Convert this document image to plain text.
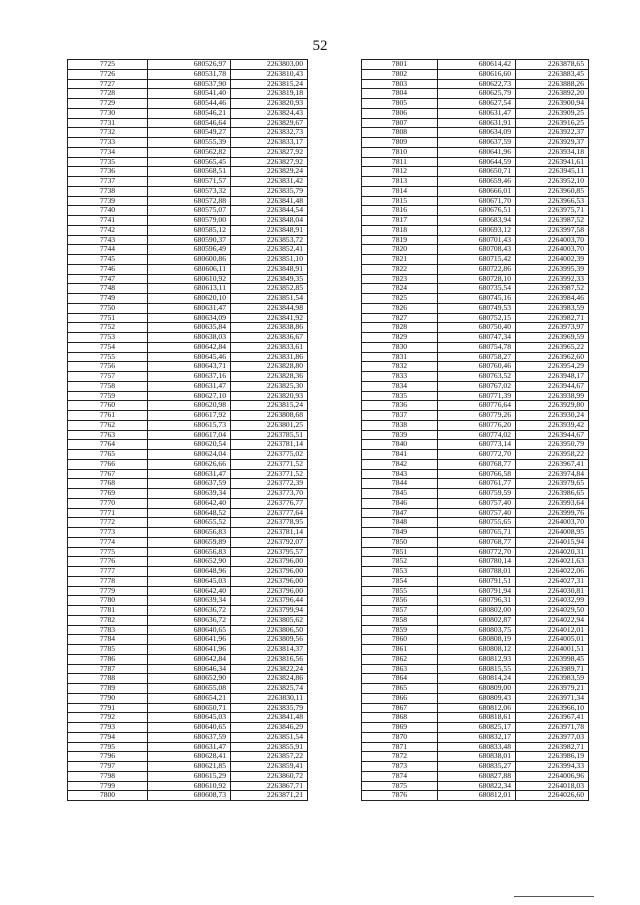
52
7725	680526,97	2263803,00
7726	680531,78	2263810,43
7727	680537,90	2263815,24
7728	680541,40	2263819,18
7729	680544,46	2263820,93
7730	680546,21	2263824,43
7731	680546,64	2263829,67
7732	680549,27	2263832,73
7733	680555,39	2263833,17
7734	680562,82	2263827,92
7735	680565,45	2263827,92
7736	680568,51	2263829,24
7737	680571,57	2263831,42
7738	680573,32	2263835,79
7739	680572,88	2263841,48
7740	680575,07	2263844,54
7741	680579,00	2263848,04
7742	680585,12	2263848,91
7743	680590,37	2263853,72
7744	680596,49	2263852,41
7745	680600,86	2263851,10
7746	680606,11	2263848,91
7747	680610,92	2263849,35
7748	680613,11	2263852,85
7749	680620,10	2263851,54
7750	680631,47	2263844,98
7751	680634,09	2263841,92
7752	680635,84	2263838,86
7753	680638,03	2263836,67
7754	680642,84	2263833,61
7755	680645,46	2263831,86
7756	680643,71	2263828,80
7757	680637,16	2263828,36
7758	680631,47	2263825,30
7759	680627,10	2263820,93
7760	680620,98	2263815,24
7761	680617,92	2263808,68
7762	680615,73	2263801,25
7763	680617,04	2263785,51
7764	680620,54	2263781,14
7765	680624,04	2263775,02
7766	680626,66	2263771,52
7767	680631,47	2263771,52
7768	680637,59	2263772,39
7769	680639,34	2263773,70
7770	680642,40	2263776,77
7771	680648,52	2263777,64
7772	680655,52	2263778,95
7773	680656,83	2263781,14
7774	680659,89	2263792,07
7775	680656,83	2263795,57
7776	680652,90	2263796,00
7777	680648,96	2263796,00
7778	680645,03	2263796,00
7779	680642,40	2263796,00
7780	680639,34	2263796,44
7781	680636,72	2263799,94
7782	680636,72	2263805,62
7783	680640,65	2263806,50
7784	680641,96	2263809,56
7785	680641,96	2263814,37
7786	680642,84	2263816,56
7787	680646,34	2263822,24
7788	680652,90	2263824,86
7789	680655,08	2263825,74
7790	680654,21	2263830,11
7791	680650,71	2263835,79
7792	680645,03	2263841,48
7793	680640,65	2263846,29
7794	680637,59	2263851,54
7795	680631,47	2263855,91
7796	680628,41	2263857,22
7797	680621,85	2263859,41
7798	680615,29	2263860,72
7799	680610,92	2263867,71
7800	680608,73	2263871,21
7801	680614,42	2263878,65
7802	680616,60	2263883,45
7803	680622,73	2263888,26
7804	680625,79	2263892,20
7805	680627,54	2263900,94
7806	680631,47	2263909,25
7807	680631,91	2263916,25
7808	680634,09	2263922,37
7809	680637,59	2263929,37
7810	680641,96	2263934,18
7811	680644,59	2263941,61
7812	680650,71	2263945,11
7813	680659,46	2263952,10
7814	680666,01	2263960,85
7815	680671,70	2263966,53
7816	680676,51	2263975,71
7817	680683,94	2263987,52
7818	680693,12	2263997,58
7819	680701,43	2264003,70
7820	680708,43	2264003,70
7821	680715,42	2264002,39
7822	680722,86	2263995,39
7823	680728,10	2263992,33
7824	680735,54	2263987,52
7825	680745,16	2263984,46
7826	680749,53	2263983,59
7827	680752,15	2263982,71
7828	680750,40	2263973,97
7829	680747,34	2263969,59
7830	680754,78	2263965,22
7831	680758,27	2263962,60
7832	680760,46	2263954,29
7833	680763,52	2263948,17
7834	680767,02	2263944,67
7835	680771,39	2263938,99
7836	680776,64	2263929,80
7837	680779,26	2263930,24
7838	680776,20	2263939,42
7839	680774,02	2263944,67
7840	680773,14	2263950,79
7841	680772,70	2263958,22
7842	680768,77	2263967,41
7843	680766,58	2263974,84
7844	680761,77	2263979,65
7845	680759,59	2263986,65
7846	680757,40	2263993,64
7847	680757,40	2263999,76
7848	680755,65	2264003,70
7849	680765,71	2264008,95
7850	680768,77	2264015,94
7851	680772,70	2264020,31
7852	680780,14	2264021,63
7853	680788,01	2264022,06
7854	680791,51	2264027,31
7855	680791,94	2264030,81
7856	680796,31	2264032,99
7857	680802,00	2264029,50
7858	680802,87	2264022,94
7859	680803,75	2264012,01
7860	680808,19	2264005,01
7861	680808,12	2264001,51
7862	680812,93	2263998,45
7863	680815,55	2263989,71
7864	680814,24	2263983,59
7865	680809,00	2263979,21
7866	680809,43	2263971,34
7867	680812,06	2263966,10
7868	680818,61	2263967,41
7869	680825,17	2263971,78
7870	680832,17	2263977,03
7871	680833,48	2263982,71
7872	680838,01	2263986,19
7873	680835,27	2263994,33
7874	680827,88	2264006,96
7875	680822,34	2264018,03
7876	680812,01	2264026,60
